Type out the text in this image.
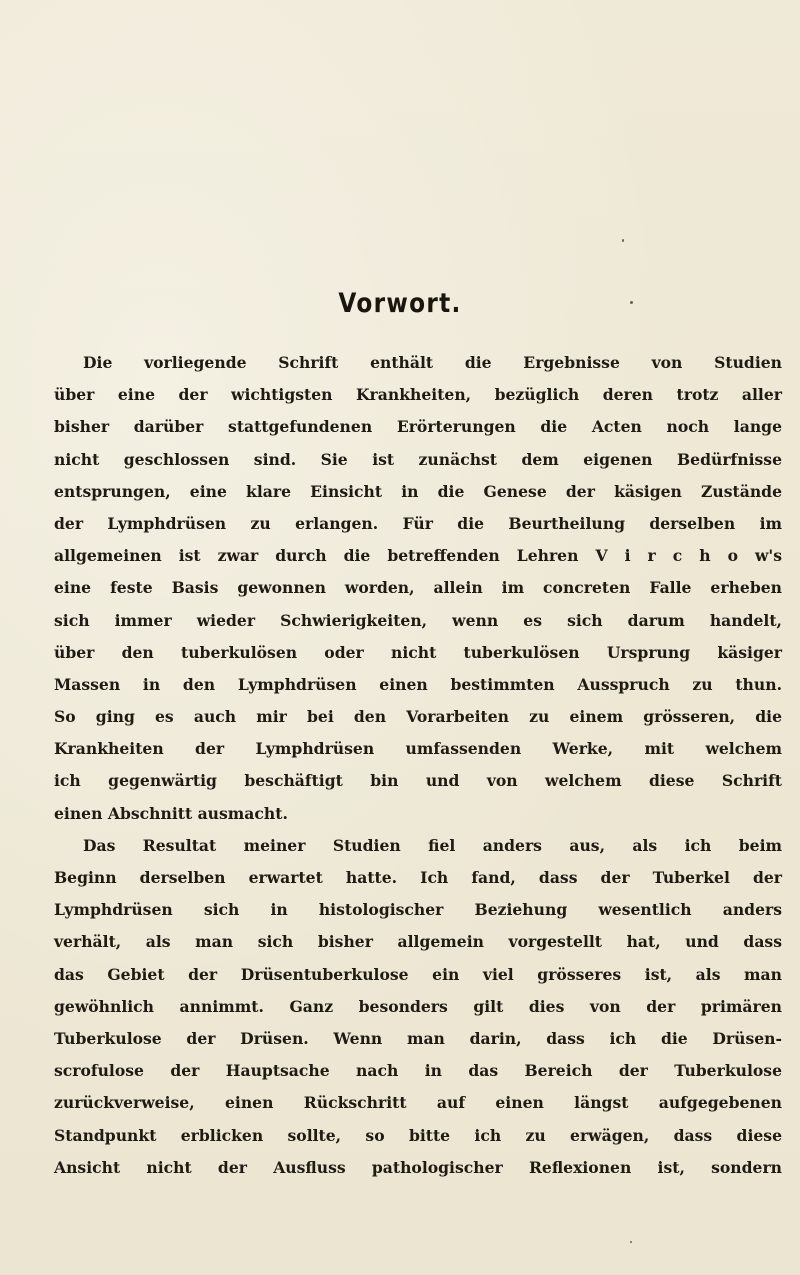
Vorwort.
Die vorliegende Schrift enthält die Ergebnisse von Studien
über eine der wichtigsten Krankheiten, bezüglich deren trotz aller
bisher darüber stattgefundenen Erörterungen die Acten noch lange
nicht geschlossen sind. Sie ist zunächst dem eigenen Bedürfnisse
entsprungen, eine klare Einsicht in die Genese der käsigen Zustände
der Lymphdrüsen zu erlangen. Für die Beurtheilung derselben im
allgemeinen ist zwar durch die betreffenden Lehren V i r c h o w's
eine feste Basis gewonnen worden, allein im concreten Falle erheben
sich immer wieder Schwierigkeiten, wenn es sich darum handelt,
über den tuberkulösen oder nicht tuberkulösen Ursprung käsiger
Massen in den Lymphdrüsen einen bestimmten Ausspruch zu thun.
So ging es auch mir bei den Vorarbeiten zu einem grösseren, die
Krankheiten der Lymphdrüsen umfassenden Werke, mit welchem
ich gegenwärtig beschäftigt bin und von welchem diese Schrift
einen Abschnitt ausmacht.
Das Resultat meiner Studien fiel anders aus, als ich beim
Beginn derselben erwartet hatte. Ich fand, dass der Tuberkel der
Lymphdrüsen sich in histologischer Beziehung wesentlich anders
verhält, als man sich bisher allgemein vorgestellt hat, und dass
das Gebiet der Drüsentuberkulose ein viel grösseres ist, als man
gewöhnlich annimmt. Ganz besonders gilt dies von der primären
Tuberkulose der Drüsen. Wenn man darin, dass ich die Drüsen-
scrofulose der Hauptsache nach in das Bereich der Tuberkulose
zurückverweise, einen Rückschritt auf einen längst aufgegebenen
Standpunkt erblicken sollte, so bitte ich zu erwägen, dass diese
Ansicht nicht der Ausfluss pathologischer Reflexionen ist, sondern
